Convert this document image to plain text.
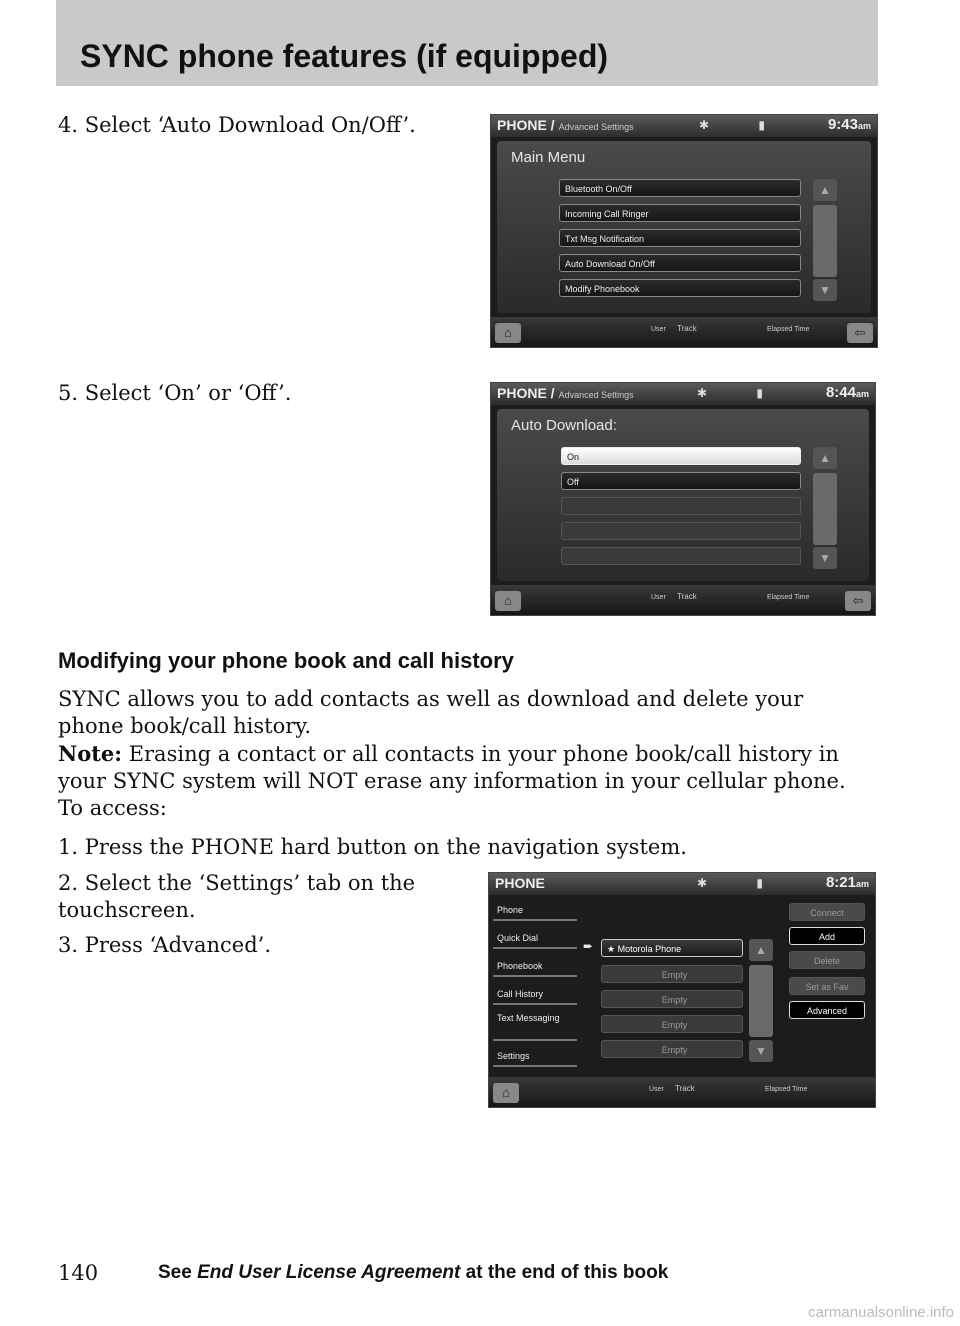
SYNC phone features (if equipped)
4. Select ‘Auto Download On/Off’.	PHONE / Advanced Settings	✱	▮	9:43am
Main Menu
Bluetooth On/Off
Incoming Call Ringer
Txt Msg Notification
Auto Download On/Off
Modify Phonebook
▲
▼
⌂	User Track	Elapsed Time	⇦
5. Select ‘On’ or ‘Off’.	PHONE / Advanced Settings	✱	▮	8:44am
Auto Download:
On
Off
▲
▼
⌂	User Track	Elapsed Time	⇦
Modifying your phone book and call history
SYNC allows you to add contacts as well as download and delete your
phone book/call history.
Note: Erasing a contact or all contacts in your phone book/call history in
your SYNC system will NOT erase any information in your cellular phone.
To access:
1. Press the PHONE hard button on the navigation system.
2. Select the ‘Settings’ tab on the
touchscreen.
3. Press ‘Advanced’.
PHONE	✱	▮	8:21am
Phone
Quick Dial
Phonebook
Call History
Text Messaging
Settings
➨	★ Motorola Phone
Empty
Empty
Empty
Empty
▲
▼
Connect
Add
Delete
Set as Fav
Advanced
⌂	User Track	Elapsed Time
140	See End User License Agreement at the end of this book
carmanualsonline.info
